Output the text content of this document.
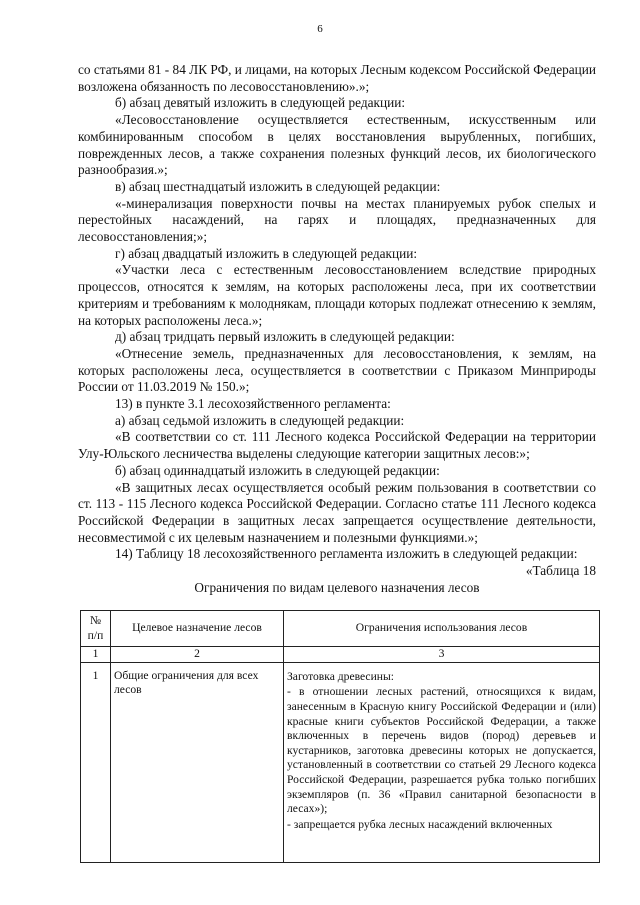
6

со статьями 81 - 84 ЛК РФ, и лицами, на которых Лесным кодексом Российской Федерации возложена обязанность по лесовосстановлению».»;

б) абзац девятый изложить в следующей редакции:

«Лесовосстановление осуществляется естественным, искусственным или комбинированным способом в целях восстановления вырубленных, погибших, поврежденных лесов, а также сохранения полезных функций лесов, их биологического разнообразия.»;

в) абзац шестнадцатый изложить в следующей редакции:

«-минерализация поверхности почвы на местах планируемых рубок спелых и перестойных насаждений, на гарях и площадях, предназначенных для лесовосстановления;»;

г) абзац двадцатый изложить в следующей редакции:

«Участки леса с естественным лесовосстановлением вследствие природных процессов, относятся к землям, на которых расположены леса, при их соответствии критериям и требованиям к молоднякам, площади которых подлежат отнесению к землям, на которых расположены леса.»;

д) абзац тридцать первый изложить в следующей редакции:

«Отнесение земель, предназначенных для лесовосстановления, к землям, на которых расположены леса, осуществляется в соответствии с Приказом Минприроды России от 11.03.2019 № 150.»;

13) в пункте 3.1 лесохозяйственного регламента:

а) абзац седьмой изложить в следующей редакции:

«В соответствии со ст. 111 Лесного кодекса Российской Федерации на территории Улу-Юльского лесничества выделены следующие категории защитных лесов:»;

б) абзац одиннадцатый изложить в следующей редакции:

«В защитных лесах осуществляется особый режим пользования в соответствии со ст. 113 - 115 Лесного кодекса Российской Федерации. Согласно статье 111 Лесного кодекса Российской Федерации в защитных лесах запрещается осуществление деятельности, несовместимой с их целевым назначением и полезными функциями.»;

14) Таблицу 18 лесохозяйственного регламента изложить в следующей редакции:

«Таблица 18

Ограничения по видам целевого назначения лесов

№ п/п	Целевое назначение лесов	Ограничения использования лесов
1	2	3
1	Общие ограничения для всех лесов	Заготовка древесины:
- в отношении лесных растений, относящихся к видам, занесенным в Красную книгу Российской Федерации и (или) красные книги субъектов Российской Федерации, а также включенных в перечень видов (пород) деревьев и кустарников, заготовка древесины которых не допускается, установленный в соответствии со статьей 29 Лесного кодекса Российской Федерации, разрешается рубка только погибших экземпляров (п. 36 «Правил санитарной безопасности в лесах»);
- запрещается рубка лесных насаждений включенных
